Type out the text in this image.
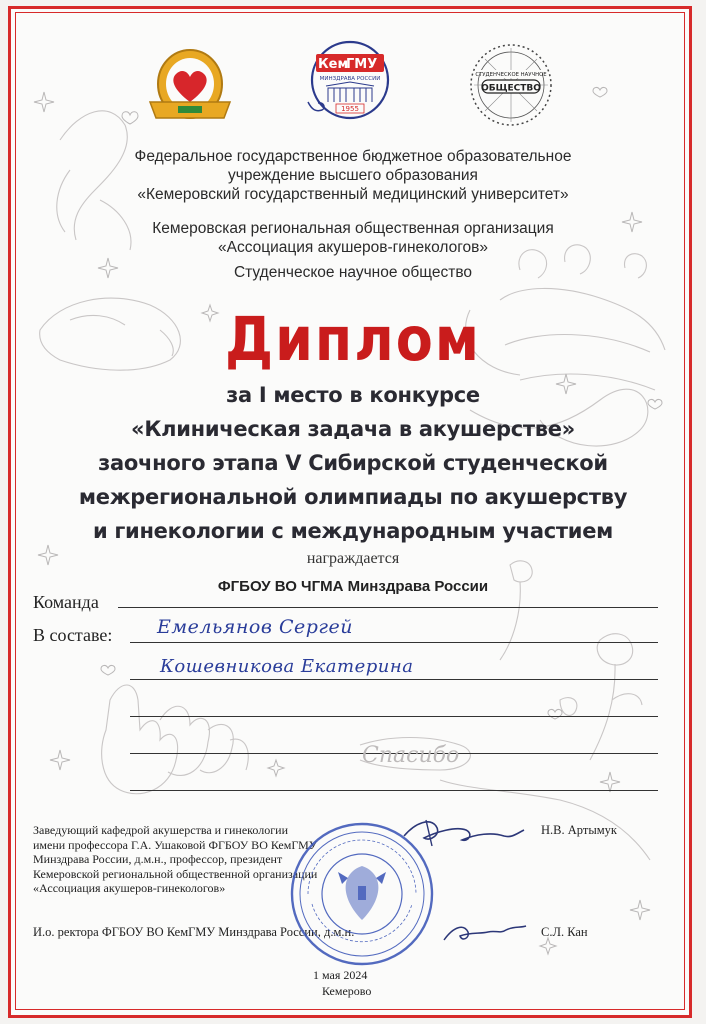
Кем
ГМУ
МИНЗДРАВА РОССИИ
1955
СТУДЕНЧЕСКОЕ НАУЧНОЕ
ОБЩЕСТВО
Федеральное государственное бюджетное образовательное
учреждение высшего образования
«Кемеровский государственный медицинский университет»
Кемеровская региональная общественная организация
«Ассоциация акушеров-гинекологов»
Студенческое научное общество
Диплом
за I место в конкурсе
«Клиническая задача в акушерстве»
заочного этапа V Сибирской студенческой
межрегиональной олимпиады по акушерству
и гинекологии с международным участием
награждается
ФГБОУ ВО ЧГМА Минздрава России
Команда
В составе: Емельянов Сергей
Кошевникова Екатерина
Спасибо
Заведующий кафедрой акушерства и гинекологии
имени профессора Г.А. Ушаковой ФГБОУ ВО КемГМУ
Минздрава России, д.м.н., профессор, президент
Кемеровской региональной общественной организации
«Ассоциация акушеров-гинекологов»
Н.В. Артымук
И.о. ректора ФГБОУ ВО КемГМУ Минздрава России, д.м.н.	С.Л. Кан
1 мая 2024
Кемерово
